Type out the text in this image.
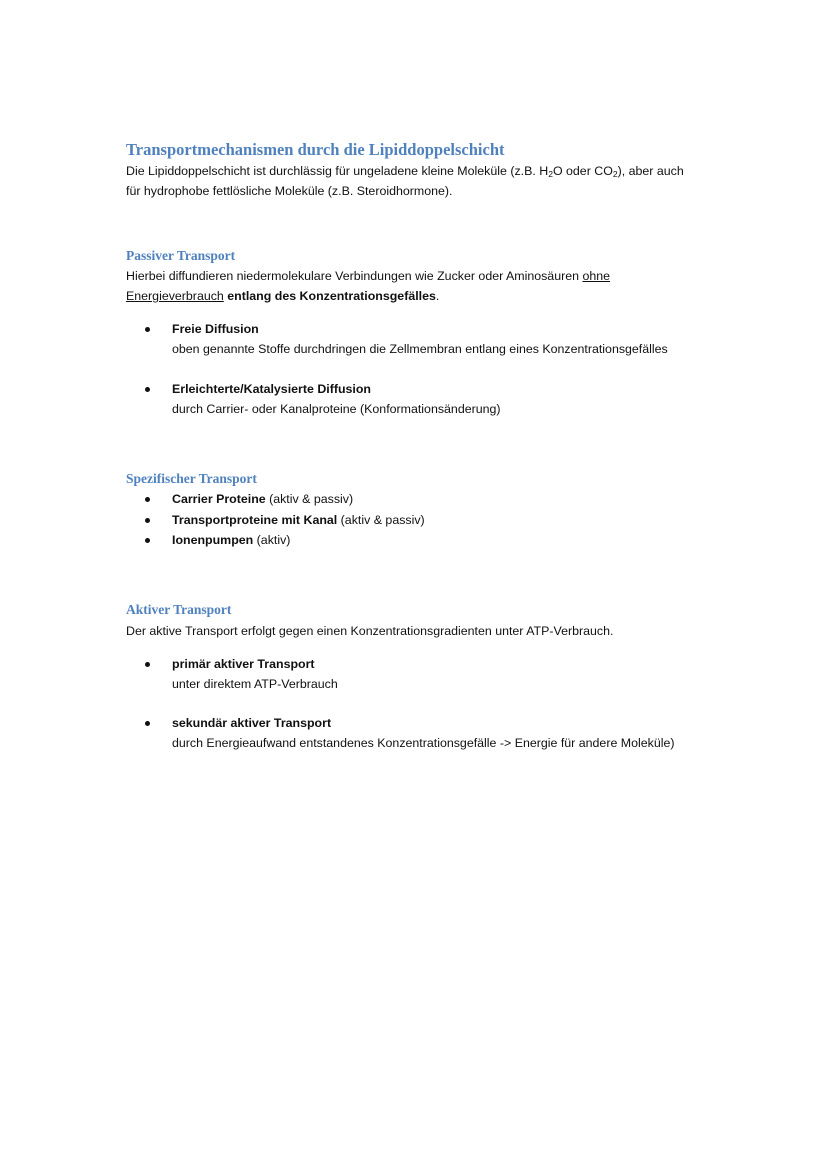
Transportmechanismen durch die Lipiddoppelschicht

Die Lipiddoppelschicht ist durchlässig für ungeladene kleine Moleküle (z.B. $H_2O$ oder $CO_2$), aber auch

für hydrophobe fettlösliche Moleküle (z.B. Steroidhormone).

Passiver Transport

Hierbei diffundieren niedermolekulare Verbindungen wie Zucker oder Aminosäuren ohne

Energieverbrauch entlang des Konzentrationsgefälles.

Freie Diffusion
oben genannte Stoffe durchdringen die Zellmembran entlang eines Konzentrationsgefälles
Erleichterte/Katalysierte Diffusion
durch Carrier- oder Kanalproteine (Konformationsänderung)
Spezifischer Transport
Carrier Proteine (aktiv & passiv)
Transportproteine mit Kanal (aktiv & passiv)
Ionenpumpen (aktiv)
Aktiver Transport

Der aktive Transport erfolgt gegen einen Konzentrationsgradienten unter ATP-Verbrauch.

primär aktiver Transport
unter direktem ATP-Verbrauch
sekundär aktiver Transport
durch Energieaufwand entstandenes Konzentrationsgefälle -> Energie für andere Moleküle)
